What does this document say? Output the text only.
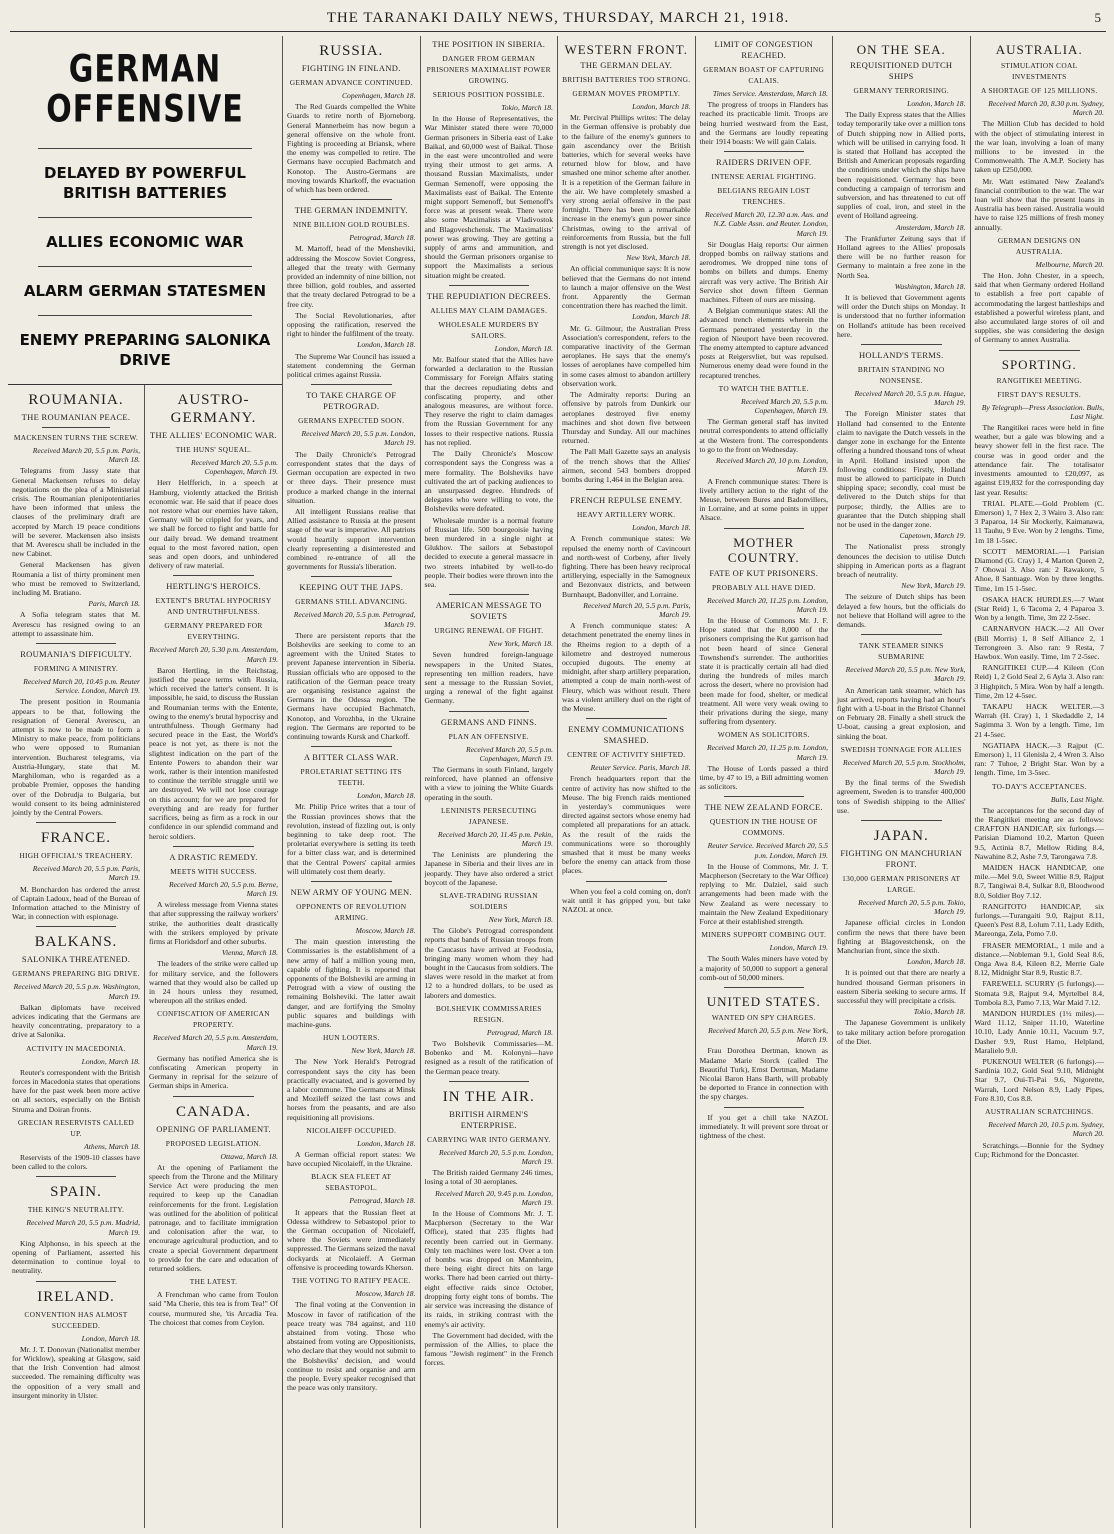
THE TARANAKI DAILY NEWS, THURSDAY, MARCH 21, 1918.	5
GERMAN OFFENSIVE
DELAYED BY POWERFUL BRITISH BATTERIES
ALLIES ECONOMIC WAR
ALARM GERMAN STATESMEN
ENEMY PREPARING SALONIKA DRIVE
ROUMANIA.
THE ROUMANIAN PEACE.
MACKENSEN TURNS THE SCREW.
Received March 20, 5.5 p.m. Paris, March 18.

Telegrams from Jassy state that General Mackensen refuses to delay negotiations on the plea of a Ministerial crisis. The Roumanian plenipotentiaries have been informed that unless the clauses of the preliminary draft are accepted by March 19 peace conditions will be severer. Mackensen also insists that M. Averescu shall be included in the new Cabinet.

General Mackensen has given Roumania a list of thirty prominent men who must be removed to Switzerland, including M. Bratiano.

Paris, March 18.

A Sofia telegram states that M. Averescu has resigned owing to an attempt to assassinate him.

ROUMANIA'S DIFFICULTY.
FORMING A MINISTRY.
Received March 20, 10.45 p.m. Reuter Service. London, March 19.

The present position in Roumania appears to be that, following the resignation of General Averescu, an attempt is now to be made to form a Ministry to make peace, from politicians who were opposed to Rumanian intervention. Bucharest telegrams, via Austria-Hungary, state that M. Marghiloman, who is regarded as a probable Premier, opposes the handing over of the Dobrudja to Bulgaria, but would consent to its being administered jointly by the Central Powers.

FRANCE.
HIGH OFFICIAL'S TREACHERY.
Received March 20, 5.5 p.m. Paris, March 19.

M. Bonchardon has ordered the arrest of Captain Ladoux, head of the Bureau of Information attached to the Ministry of War, in connection with espionage.

BALKANS.
SALONIKA THREATENED.
GERMANS PREPARING BIG DRIVE.
Received March 20, 5.5 p.m. Washington, March 19.

Balkan diplomats have received advices indicating that the Germans are heavily concentrating, preparatory to a drive at Salonika.

ACTIVITY IN MACEDONIA.
London, March 18.

Reuter's correspondent with the British forces in Macedonia states that operations have for the past week been more active on all sectors, especially on the British Struma and Doiran fronts.

GRECIAN RESERVISTS CALLED UP.
Athens, March 18.

Reservists of the 1909-10 classes have been called to the colors.

SPAIN.
THE KING'S NEUTRALITY.
Received March 20, 5.5 p.m. Madrid, March 19.

King Alphonso, in his speech at the opening of Parliament, asserted his determination to continue loyal to neutrality.

IRELAND.
CONVENTION HAS ALMOST SUCCEEDED.
London, March 18.

Mr. J. T. Donovan (Nationalist member for Wicklow), speaking at Glasgow, said that the Irish Convention had almost succeeded. The remaining difficulty was the opposition of a very small and insurgent minority in Ulster.

AUSTRO-GERMANY.
THE ALLIES' ECONOMIC WAR.
THE HUNS' SQUEAL.
Received March 20, 5.5 p.m. Copenhagen, March 19.

Herr Helfferich, in a speech at Hamburg, violently attacked the British economic war. He said that if peace does not restore what our enemies have taken, Germany will be crippled for years, and we shall be forced to fight and battle for our daily bread. We demand treatment equal to the most favored nation, open seas and open doors, and unhindered delivery of raw material.

HERTLING'S HEROICS.
EXTENT'S BRUTAL HYPOCRISY AND UNTRUTHFULNESS.
GERMANY PREPARED FOR EVERYTHING.
Received March 20, 5.30 p.m. Amsterdam, March 19.

Baron Hertling, in the Reichstag, justified the peace terms with Russia, which received the latter's consent. It is impossible, he said, to discuss the Russian and Roumanian terms with the Entente, owing to the enemy's brutal hypocrisy and untruthfulness. Though Germany had secured peace in the East, the World's peace is not yet, as there is not the slightest indication on the part of the Entente Powers to abandon their war work, rather is their intention manifested to continue the terrible struggle until we are destroyed. We will not lose courage on this account; for we are prepared for everything and are ready for further sacrifices, being as firm as a rock in our confidence in our splendid command and heroic soldiers.

A DRASTIC REMEDY.
MEETS WITH SUCCESS.
Received March 20, 5.5 p.m. Berne, March 19.

A wireless message from Vienna states that after suppressing the railway workers' strike, the authorities dealt drastically with the strikers employed by private firms at Floridsdorf and other suburbs.

Vienna, March 18.

The leaders of the strike were called up for military service, and the followers warned that they would also be called up in 24 hours unless they resumed, whereupon all the strikes ended.

CONFISCATION OF AMERICAN PROPERTY.
Received March 20, 5.5 p.m. Amsterdam, March 19.

Germany has notified America she is confiscating American property in Germany in reprisal for the seizure of German ships in America.

CANADA.
OPENING OF PARLIAMENT.
PROPOSED LEGISLATION.
Ottawa, March 18.

At the opening of Parliament the speech from the Throne and the Military Service Act were producing the men required to keep up the Canadian reinforcements for the front. Legislation was outlined for the abolition of political patronage, and to facilitate immigration and colonisation after the war, to encourage agricultural production, and to create a special Government department to provide for the care and education of returned soldiers.

THE LATEST.

A Frenchman who came from Toulon said "Ma Cherie, this tea is from Tea!" Of course, murmured she, 'tis Arcadia Tea. The choicest that comes from Ceylon.

RUSSIA.
FIGHTING IN FINLAND.
GERMAN ADVANCE CONTINUED.
Copenhagen, March 18.

The Red Guards compelled the White Guards to retire north of Bjorneborg. General Mannerheim has now begun a general offensive on the whole front. Fighting is proceeding at Briansk, where the enemy was compelled to retire. The Germans have occupied Bachmatch and Konotop. The Austro-Germans are moving towards Kharkoff, the evacuation of which has been ordered.

THE GERMAN INDEMNITY.
NINE BILLION GOLD ROUBLES.
Petrograd, March 18.

M. Martoff, head of the Mensheviki, addressing the Moscow Soviet Congress, alleged that the treaty with Germany provided an indemnity of nine billion, not three billion, gold roubles, and asserted that the treaty declared Petrograd to be a free city.

The Social Revolutionaries, after opposing the ratification, reserved the right to hinder the fulfilment of the treaty.

London, March 18.

The Supreme War Council has issued a statement condemning the German political crimes against Russia.

TO TAKE CHARGE OF PETROGRAD.
GERMANS EXPECTED SOON.
Received March 20, 5.5 p.m. London, March 19.

The Daily Chronicle's Petrograd correspondent states that the days of German occupation are expected in two or three days. Their presence must produce a marked change in the internal situation.

All intelligent Russians realise that Allied assistance to Russia at the present stage of the war is imperative. All patriots would heartily support intervention clearly representing a disinterested and combined re-entrance of all the governments for Russia's liberation.

KEEPING OUT THE JAPS.
GERMANS STILL ADVANCING.
Received March 20, 5.5 p.m. Petrograd, March 19.

There are persistent reports that the Bolsheviks are seeking to come to an agreement with the United States to prevent Japanese intervention in Siberia. Russian officials who are opposed to the ratification of the German peace treaty are organising resistance against the Germans in the Odessa region. The Germans have occupied Bachmatch, Konotop, and Vorozhba, in the Ukraine region. The Germans are reported to be continuing towards Kursk and Charkoff.

A BITTER CLASS WAR.
PROLETARIAT SETTING ITS TEETH.
London, March 18.

Mr. Philip Price writes that a tour of the Russian provinces shows that the revolution, instead of fizzling out, is only beginning to take deep root. The proletariat everywhere is setting its teeth for a bitter class war, and is determined that the Central Powers' capital armies will ultimately cost them dearly.

NEW ARMY OF YOUNG MEN.
OPPONENTS OF REVOLUTION ARMING.
Moscow, March 18.

The main question interesting the Commissaries is the establishment of a new army of half a million young men, capable of fighting. It is reported that opponents of the Bolsheviki are arming in Petrograd with a view of ousting the remaining Bolsheviki. The latter await danger, and are fortifying the Smolny public squares and buildings with machine-guns.

HUN LOOTERS.
New York, March 18.

The New York Herald's Petrograd correspondent says the city has been practically evacuated, and is governed by a labor commune. The Germans at Minsk and Mozileff seized the last cows and horses from the peasants, and are also requisitioning all provisions.

NICOLAIEFF OCCUPIED.
London, March 18.

A German official report states: We have occupied Nicolaieff, in the Ukraine.

BLACK SEA FLEET AT SEBASTOPOL.
Petrograd, March 18.

It appears that the Russian fleet at Odessa withdrew to Sebastopol prior to the German occupation of Nicolaieff, where the Soviets were immediately suppressed. The Germans seized the naval dockyards at Nicolaieff. A German offensive is proceeding towards Kherson.

THE VOTING TO RATIFY PEACE.
Moscow, March 18.

The final voting at the Convention in Moscow in favor of ratification of the peace treaty was 784 against, and 110 abstained from voting. Those who abstained from voting are Oppositionists, who declare that they would not submit to the Bolsheviks' decision, and would continue to resist and organise and arm the people. Every speaker recognised that the peace was only transitory.

THE POSITION IN SIBERIA.
DANGER FROM GERMAN PRISONERS MAXIMALIST POWER GROWING.
SERIOUS POSITION POSSIBLE.
Tokio, March 18.

In the House of Representatives, the War Minister stated there were 70,000 German prisoners in Siberia east of Lake Baikal, and 60,000 west of Baikal. Those in the east were uncontrolled and were trying their utmost to get arms. A thousand Russian Maximalists, under German Semenoff, were opposing the Maximalists east of Baikal. The Entente might support Semenoff, but Semenoff's force was at present weak. There were also some Maximalists at Vladivostok and Blagoveshchensk. The Maximalists' power was growing. They are getting a supply of arms and ammunition, and should the German prisoners organise to support the Maximalists a serious situation might be created.

THE REPUDIATION DECREES.
ALLIES MAY CLAIM DAMAGES.
WHOLESALE MURDERS BY SAILORS.
London, March 18.

Mr. Balfour stated that the Allies have forwarded a declaration to the Russian Commissary for Foreign Affairs stating that the decrees repudiating debts and confiscating property, and other analogous measures, are without force. They reserve the right to claim damages from the Russian Government for any losses to their respective nations. Russia has not replied.

The Daily Chronicle's Moscow correspondent says the Congress was a mere formality. The Bolsheviks have cultivated the art of packing audiences to an unsurpassed degree. Hundreds of delegates who were willing to vote, the Bolsheviks were defeated.

Wholesale murder is a normal feature of Russian life. 500 bourgeoisie having been murdered in a single night at Glukhov. The sailors at Sebastopol decided to execute a general massacre in two streets inhabited by well-to-do people. Their bodies were thrown into the sea.

AMERICAN MESSAGE TO SOVIETS
URGING RENEWAL OF FIGHT.
New York, March 18.

Seven hundred foreign-language newspapers in the United States, representing ten million readers, have sent a message to the Russian Soviet, urging a renewal of the fight against Germany.

GERMANS AND FINNS.
PLAN AN OFFENSIVE.
Received March 20, 5.5 p.m. Copenhagen, March 19.

The Germans in south Finland, largely reinforced, have planned an offensive with a view to joining the White Guards operating in the south.

LENINISTS PERSECUTING JAPANESE.
Received March 20, 11.45 p.m. Pekin, March 19.

The Leninists are plundering the Japanese in Siberia and their lives are in jeopardy. They have also ordered a strict boycott of the Japanese.

SLAVE-TRADING RUSSIAN SOLDIERS
New York, March 18.

The Globe's Petrograd correspondent reports that bands of Russian troops from the Caucasus have arrived at Feodosia, bringing many women whom they had bought in the Caucasus from soldiers. The slaves were resold in the market at from 12 to a hundred dollars, to be used as laborers and domestics.

BOLSHEVIK COMMISSARIES RESIGN.
Petrograd, March 18.

Two Bolshevik Commissaries—M. Bobenko and M. Kolonyni—have resigned as a result of the ratification of the German peace treaty.

IN THE AIR.
BRITISH AIRMEN'S ENTERPRISE.
CARRYING WAR INTO GERMANY.
Received March 20, 5.5 p.m. London, March 19.

The British raided Germany 246 times, losing a total of 30 aeroplanes.

Received March 20, 9.45 p.m. London, March 19.

In the House of Commons Mr. J. T. Macpherson (Secretary to the War Office), stated that 235 flights had recently been carried out in Germany. Only ten machines were lost. Over a ton of bombs was dropped on Mannheim, there being eight direct hits on large works. There had been carried out thirty-eight effective raids since October, dropping forty eight tons of bombs. The air service was increasing the distance of its raids, in striking contrast with the enemy's air activity.

The Government had decided, with the permission of the Allies, to place the famous "Jewish regiment" in the French forces.

WESTERN FRONT.
THE GERMAN DELAY.
BRITISH BATTERIES TOO STRONG.
GERMAN MOVES PROMPTLY.
London, March 18.

Mr. Percival Phillips writes: The delay in the German offensive is probably due to the failure of the enemy's gunners to gain ascendancy over the British batteries, which for several weeks have returned blow for blow, and have smashed one minor scheme after another. It is a repetition of the German failure in the air. We have completely smashed a very strong aerial offensive in the past fortnight. There has been a remarkable increase in the enemy's gun power since Christmas, owing to the arrival of reinforcements from Russia, but the full strength is not yet disclosed.

New York, March 18.

An official communique says: It is now believed that the Germans do not intend to launch a major offensive on the West front. Apparently the German concentration there has reached the limit.

London, March 18.

Mr. G. Gilmour, the Australian Press Association's correspondent, refers to the comparative inactivity of the German aeroplanes. He says that the enemy's losses of aeroplanes have compelled him in some cases almost to abandon artillery observation work.

The Admiralty reports: During an offensive by patrols from Dunkirk our aeroplanes destroyed five enemy machines and shot down five between Thursday and Sunday. All our machines returned.

The Pall Mall Gazette says an analysis of the trench shows that the Allies' airmen, second 543 bombers dropped bombs during 1,464 in the Belgian area.

FRENCH REPULSE ENEMY.
HEAVY ARTILLERY WORK.
London, March 18.

A French communique states: We repulsed the enemy north of Cavincourt and north-west of Corbeny, after lively fighting. There has been heavy reciprocal artillerying, especially in the Samogneux and Bezonvaux districts, and between Burnhaupt, Badonviller, and Lorraine.

Received March 20, 5.5 p.m. Paris, March 19.

A French communique states: A detachment penetrated the enemy lines in the Rheims region to a depth of a kilometre and destroyed numerous occupied dugouts. The enemy at midnight, after sharp artillery preparation, attempted a coup de main north-west of Fleury, which was without result. There was a violent artillery duel on the right of the Meuse.

ENEMY COMMUNICATIONS SMASHED.
CENTRE OF ACTIVITY SHIFTED.
Reuter Service. Paris, March 18.

French headquarters report that the centre of activity has now shifted to the Meuse. The big French raids mentioned in yesterday's communiques were directed against sectors whose enemy had completed all preparations for an attack. As the result of the raids the communications were so thoroughly smashed that it must be many weeks before the enemy can attack from those places.

When you feel a cold coming on, don't wait until it has gripped you, but take NAZOL at once.

LIMIT OF CONGESTION REACHED.
GERMAN BOAST OF CAPTURING CALAIS.
Times Service. Amsterdam, March 18.

The progress of troops in Flanders has reached its practicable limit. Troops are being hurried westward from the East, and the Germans are loudly repeating their 1914 boasts: We will gain Calais.

RAIDERS DRIVEN OFF.
INTENSE AERIAL FIGHTING.
BELGIANS REGAIN LOST TRENCHES.
Received March 20, 12.30 a.m. Aus. and N.Z. Cable Assn. and Reuter. London, March 19.

Sir Douglas Haig reports: Our airmen dropped bombs on railway stations and aerodromes. We dropped nine tons of bombs on billets and dumps. Enemy aircraft was very active. The British Air Service shot down fifteen German machines. Fifteen of ours are missing.

A Belgian communique states: All the advanced trench elements wherein the Germans penetrated yesterday in the region of Nieuport have been recovered. The enemy attempted to capture advanced posts at Reigersvliet, but was repulsed. Numerous enemy dead were found in the recaptured trenches.

TO WATCH THE BATTLE.
Received March 20, 5.5 p.m. Copenhagen, March 19.

The German general staff has invited neutral correspondents to attend officially at the Western front. The correspondents to go to the front on Wednesday.

Received March 20, 10 p.m. London, March 19.

A French communique states: There is lively artillery action to the right of the Meuse, between Bures and Badonvillers, in Lorraine, and at some points in upper Alsace.

MOTHER COUNTRY.
FATE OF KUT PRISONERS.
PROBABLY ALL HAVE DIED.
Received March 20, 11.25 p.m. London, March 19.

In the House of Commons Mr. J. F. Hope stated that the 8,000 of the prisoners comprising the Kut garrison had not been heard of since General Townshend's surrender. The authorities state it is practically certain all had died during the hundreds of miles march across the desert, where no provision had been made for food, shelter, or medical treatment. All were very weak owing to their privations during the siege, many suffering from dysentery.

WOMEN AS SOLICITORS.
Received March 20, 11.25 p.m. London, March 19.

The House of Lords passed a third time, by 47 to 19, a Bill admitting women as solicitors.

THE NEW ZEALAND FORCE.
QUESTION IN THE HOUSE OF COMMONS.
Reuter Service. Received March 20, 5.5 p.m. London, March 19.

In the House of Commons, Mr. J. T. Macpherson (Secretary to the War Office) replying to Mr. Dalziel, said such arrangements had been made with the New Zealand as were necessary to maintain the New Zealand Expeditionary Force at their established strength.

MINERS SUPPORT COMBING OUT.
London, March 19.

The South Wales miners have voted by a majority of 50,000 to support a general comb-out of 50,000 miners.

UNITED STATES.
WANTED ON SPY CHARGES.
Received March 20, 5.5 p.m. New York, March 19.

Frau Dorothea Dertman, known as Madame Marie Storck (called The Beautiful Turk), Ernst Dertman, Madame Nicolai Baron Hans Barth, will probably be deported to France in connection with the spy charges.

If you get a chill take NAZOL immediately. It will prevent sore throat or tightness of the chest.

ON THE SEA.
REQUISITIONED DUTCH SHIPS
GERMANY TERRORISING.
London, March 18.

The Daily Express states that the Allies today temporarily take over a million tons of Dutch shipping now in Allied ports, which will be utilised in carrying food. It is stated that Holland has accepted the British and American proposals regarding the conditions under which the ships have been requisitioned. Germany has been conducting a campaign of terrorism and subversion, and has threatened to cut off supplies of coal, iron, and steel in the event of Holland agreeing.

Amsterdam, March 18.

The Frankfurter Zeitung says that if Holland agrees to the Allies' proposals there will be no further reason for Germany to maintain a free zone in the North Sea.

Washington, March 18.

It is believed that Government agents will order the Dutch ships on Monday. It is understood that no further information on Holland's attitude has been received here.

HOLLAND'S TERMS.
BRITAIN STANDING NO NONSENSE.
Received March 20, 5.5 p.m. Hague, March 19.

The Foreign Minister states that Holland had consented to the Entente claim to navigate the Dutch vessels in the danger zone in exchange for the Entente offering a hundred thousand tons of wheat in April. Holland insisted upon the following conditions: Firstly, Holland must be allowed to participate in Dutch shipping space; secondly, coal must be delivered to the Dutch ships for that purpose; thirdly, the Allies are to guarantee that the Dutch shipping shall not be used in the danger zone.

Capetown, March 19.

The Nationalist press strongly denounces the decision to utilise Dutch shipping in American ports as a flagrant breach of neutrality.

New York, March 19.

The seizure of Dutch ships has been delayed a few hours, but the officials do not believe that Holland will agree to the demands.

TANK STEAMER SINKS SUBMARINE
Received March 20, 5.5 p.m. New York, March 19.

An American tank steamer, which has just arrived, reports having had an hour's fight with a U-boat in the Bristol Channel on February 28. Finally a shell struck the U-boat, causing a great explosion, and sinking the boat.

SWEDISH TONNAGE FOR ALLIES
Received March 20, 5.5 p.m. Stockholm, March 19.

By the final terms of the Swedish agreement, Sweden is to transfer 400,000 tons of Swedish shipping to the Allies' use.

JAPAN.
FIGHTING ON MANCHURIAN FRONT.
130,000 GERMAN PRISONERS AT LARGE.
Received March 20, 5.5 p.m. Tokio, March 19.

Japanese official circles in London confirm the news that there have been fighting at Blagovestchensk, on the Manchurian front, since the sixth.

London, March 18.

It is pointed out that there are nearly a hundred thousand German prisoners in eastern Siberia seeking to secure arms. If successful they will precipitate a crisis.

Tokio, March 18.

The Japanese Government is unlikely to take military action before prorogation of the Diet.

AUSTRALIA.
STIMULATION COAL INVESTMENTS
A SHORTAGE OF 125 MILLIONS.
Received March 20, 8.30 p.m. Sydney, March 20.

The Million Club has decided to hold with the object of stimulating interest in the war loan, involving a loan of many millions to be invested in the Commonwealth. The A.M.P. Society has taken up £250,000.

Mr. Watt estimated New Zealand's financial contribution to the war. The war loan will show that the present loans in Australia has been raised. Australia would have to raise 125 millions of fresh money annually.

GERMAN DESIGNS ON AUSTRALIA.
Melbourne, March 20.

The Hon. John Chester, in a speech, said that when Germany ordered Holland to establish a free port capable of accommodating the largest battleships and established a powerful wireless plant, and also accumulated large stores of oil and supplies, she was considering the design of Germany to annex Australia.

SPORTING.
RANGITIKEI MEETING.
FIRST DAY'S RESULTS.
By Telegraph—Press Association. Bulls, Last Night.

The Rangitikei races were held in fine weather, but a gale was blowing and a heavy shower fell in the first race. The course was in good order and the attendance fair. The totalisator investments amounted to £20,097, as against £19,832 for the corresponding day last year. Results:

TRIAL PLATE.—Gold Problem (C. Emerson) 1, 7 Hex 2, 3 Wairo 3. Also ran: 3 Paparoa, 14 Sir Mockerly, Kaimanawa, 11 Tauhu, 9 Eve. Won by 2 lengths. Time, 1m 18 1-5sec.

SCOTT MEMORIAL.—1 Parisian Diamond (G. Cray) 1, 4 Marton Queen 2, 7 Ohowai 3. Also ran: 2 Rawakore, 5 Ahoe, 8 Santuage. Won by three lengths. Time, 1m 15 1-5sec.

OSAKA HACK HURDLES.—7 Want (Star Reid) 1, 6 Tacoma 2, 4 Paparoa 3. Won by a length. Time, 3m 22 2-5sec.

CARNARVON HACK.—2 All Over (Bill Morris) 1, 8 Self Alliance 2, 1 Terrongreen 3. Also ran: 9 Resta, 7 Hawbox. Won easily. Time, 1m 7 2-5sec.

RANGITIKEI CUP.—4 Kileen (Con Reid) 1, 2 Gold Seal 2, 6 Ayla 3. Also ran: 3 Highpitch, 5 Mira. Won by half a length. Time, 2m 12 4-5sec.

TAKAPU HACK WELTER.—3 Warrah (H. Cray) 1, 1 Skedaddle 2, 14 Sagimma 3. Won by a length. Time, 1m 21 4-5sec.

NGATIAPA HACK.—3 Rajput (C. Emerson) 1, 11 Glenisla 2, 4 Wren 3. Also ran: 7 Tuhoe, 2 Bright Star. Won by a length. Time, 1m 3-5sec.

TO-DAY'S ACCEPTANCES.
Bulls, Last Night.

The acceptances for the second day of the Rangitikei meeting are as follows: CRAFTON HANDICAP, six furlongs.—Parisian Diamond 10.2, Marton Queen 9.5, Actinia 8.7, Mellow Riding 8.4, Nawahine 8.2, Ashe 7.9, Tarongawa 7.8.

MAIDEN HACK HANDICAP, one mile.—Mel 9.0, Sweet Willie 8.9, Rajput 8.7, Tangiwai 8.4, Sulkar 8.0, Bloodwood 8.0, Soldier Boy 7.12.

RANGITOTO HANDICAP, six furlongs.—Turangaiti 9.0, Rajput 8.11, Queen's Pest 8.8, Lolum 7.11, Lady Edith, Mareonga, Zela, Pomo 7.0.

FRASER MEMORIAL, 1 mile and a distance.—Nobleman 9.1, Gold Seal 8.6, Onga Awa 8.4, Kileen 8.2, Merrie Gale 8.12, Midnight Star 8.9, Rustic 8.7.

FAREWELL SCURRY (5 furlongs).—Stomata 9.8, Rajput 9.4, Myrtelbel 8.4, Tombola 8.3, Pamo 7.13, War Maid 7.12.

MANDON HURDLES (1½ miles).—Ward 11.12, Sniper 11.10, Waterline 10.10, Lady Annie 10.11, Vacuum 9.7, Dasher 9.9, Rust Hamo, Helpland, Maralielo 9.0.

PUKENOUI WELTER (6 furlongs).—Sardinia 10.2, Gold Seal 9.10, Midnight Star 9.7, Oui-Ti-Pai 9.6, Nigorette, Warrah, Lord Nelson 8.9, Lady Pipes, Fore 8.10, Cos 8.8.

AUSTRALIAN SCRATCHINGS.
Received March 20, 10.5 p.m. Sydney, March 20.

Scratchings.—Bonnie for the Sydney Cup; Richmond for the Doncaster.
